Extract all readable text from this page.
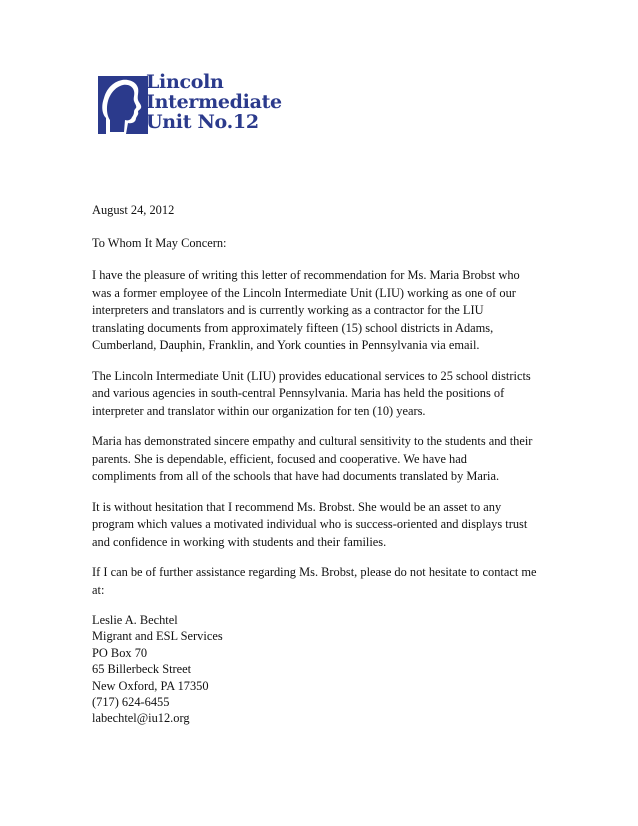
Lincoln
Intermediate
Unit No.12

August 24, 2012

To Whom It May Concern:

I have the pleasure of writing this letter of recommendation for Ms. Maria Brobst who
was a former employee of the Lincoln Intermediate Unit (LIU) working as one of our
interpreters and translators and is currently working as a contractor for the LIU
translating documents from approximately fifteen (15) school districts in Adams,
Cumberland, Dauphin, Franklin, and York counties in Pennsylvania via email.

The Lincoln Intermediate Unit (LIU) provides educational services to 25 school districts
and various agencies in south-central Pennsylvania. Maria has held the positions of
interpreter and translator within our organization for ten (10) years.

Maria has demonstrated sincere empathy and cultural sensitivity to the students and their
parents. She is dependable, efficient, focused and cooperative. We have had
compliments from all of the schools that have had documents translated by Maria.

It is without hesitation that I recommend Ms. Brobst. She would be an asset to any
program which values a motivated individual who is success-oriented and displays trust
and confidence in working with students and their families.

If I can be of further assistance regarding Ms. Brobst, please do not hesitate to contact me
at:

Leslie A. Bechtel
Migrant and ESL Services
PO Box 70
65 Billerbeck Street
New Oxford, PA 17350
(717) 624-6455
labechtel@iu12.org
